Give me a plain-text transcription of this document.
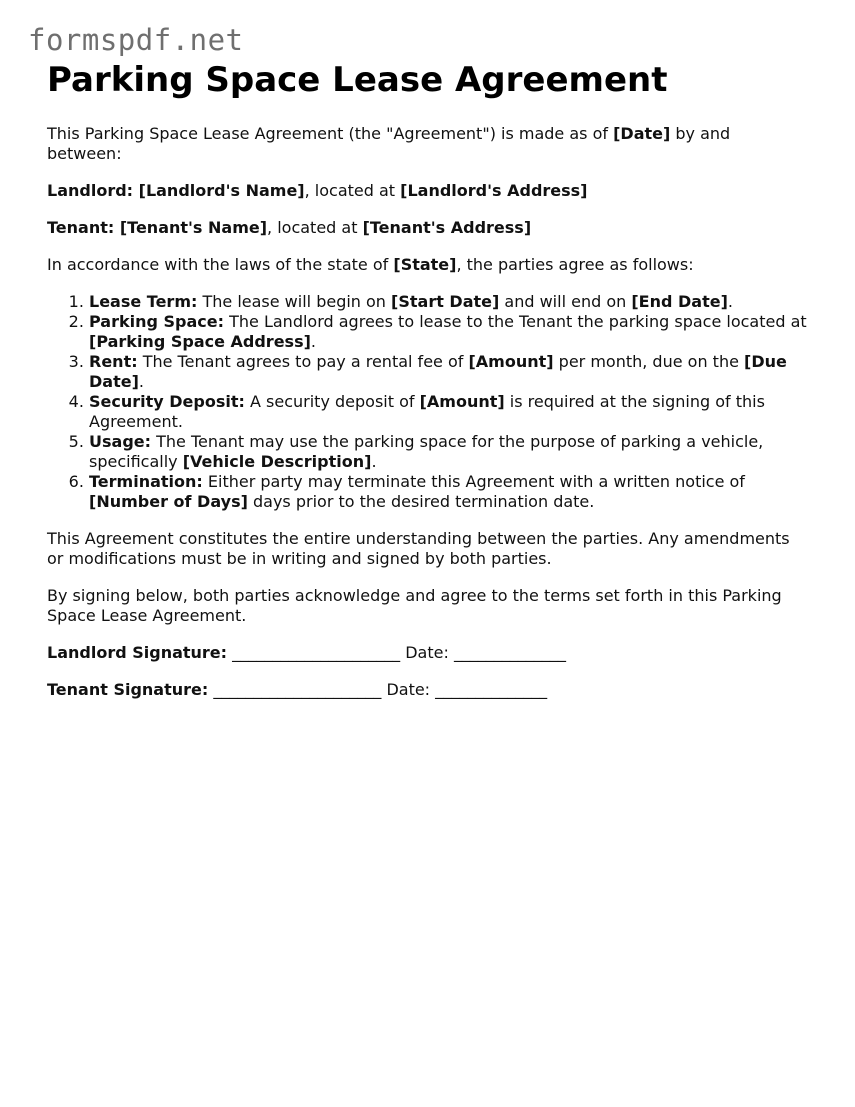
formspdf.net
Parking Space Lease Agreement

This Parking Space Lease Agreement (the "Agreement") is made as of [Date] by and between:

Landlord: [Landlord's Name], located at [Landlord's Address]

Tenant: [Tenant's Name], located at [Tenant's Address]

In accordance with the laws of the state of [State], the parties agree as follows:

1. Lease Term: The lease will begin on [Start Date] and will end on [End Date].
2. Parking Space: The Landlord agrees to lease to the Tenant the parking space located at [Parking Space Address].
3. Rent: The Tenant agrees to pay a rental fee of [Amount] per month, due on the [Due Date].
4. Security Deposit: A security deposit of [Amount] is required at the signing of this Agreement.
5. Usage: The Tenant may use the parking space for the purpose of parking a vehicle, specifically [Vehicle Description].
6. Termination: Either party may terminate this Agreement with a written notice of [Number of Days] days prior to the desired termination date.

This Agreement constitutes the entire understanding between the parties. Any amendments or modifications must be in writing and signed by both parties.

By signing below, both parties acknowledge and agree to the terms set forth in this Parking Space Lease Agreement.

Landlord Signature: _____________________ Date: ______________

Tenant Signature: _____________________ Date: ______________
